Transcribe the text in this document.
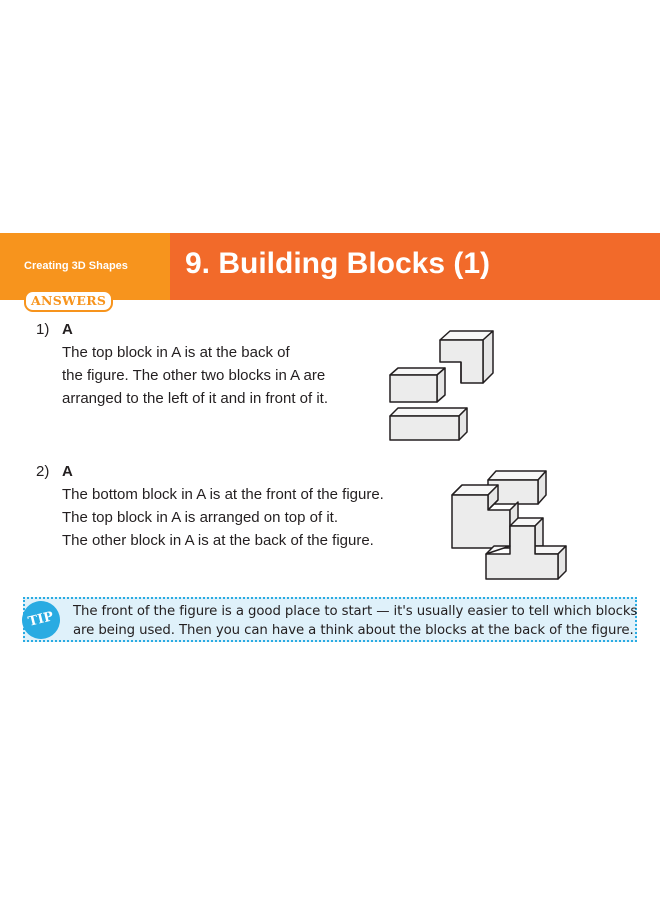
Creating 3D Shapes 9. Building Blocks (1)
ANSWERS
1) A
The top block in A is at the back of
the figure. The other two blocks in A are
arranged to the left of it and in front of it.
2) A
The bottom block in A is at the front of the figure.
The top block in A is arranged on top of it.
The other block in A is at the back of the figure.
TIP	The front of the figure is a good place to start — it's usually easier to tell which blocks
are being used. Then you can have a think about the blocks at the back of the figure.
